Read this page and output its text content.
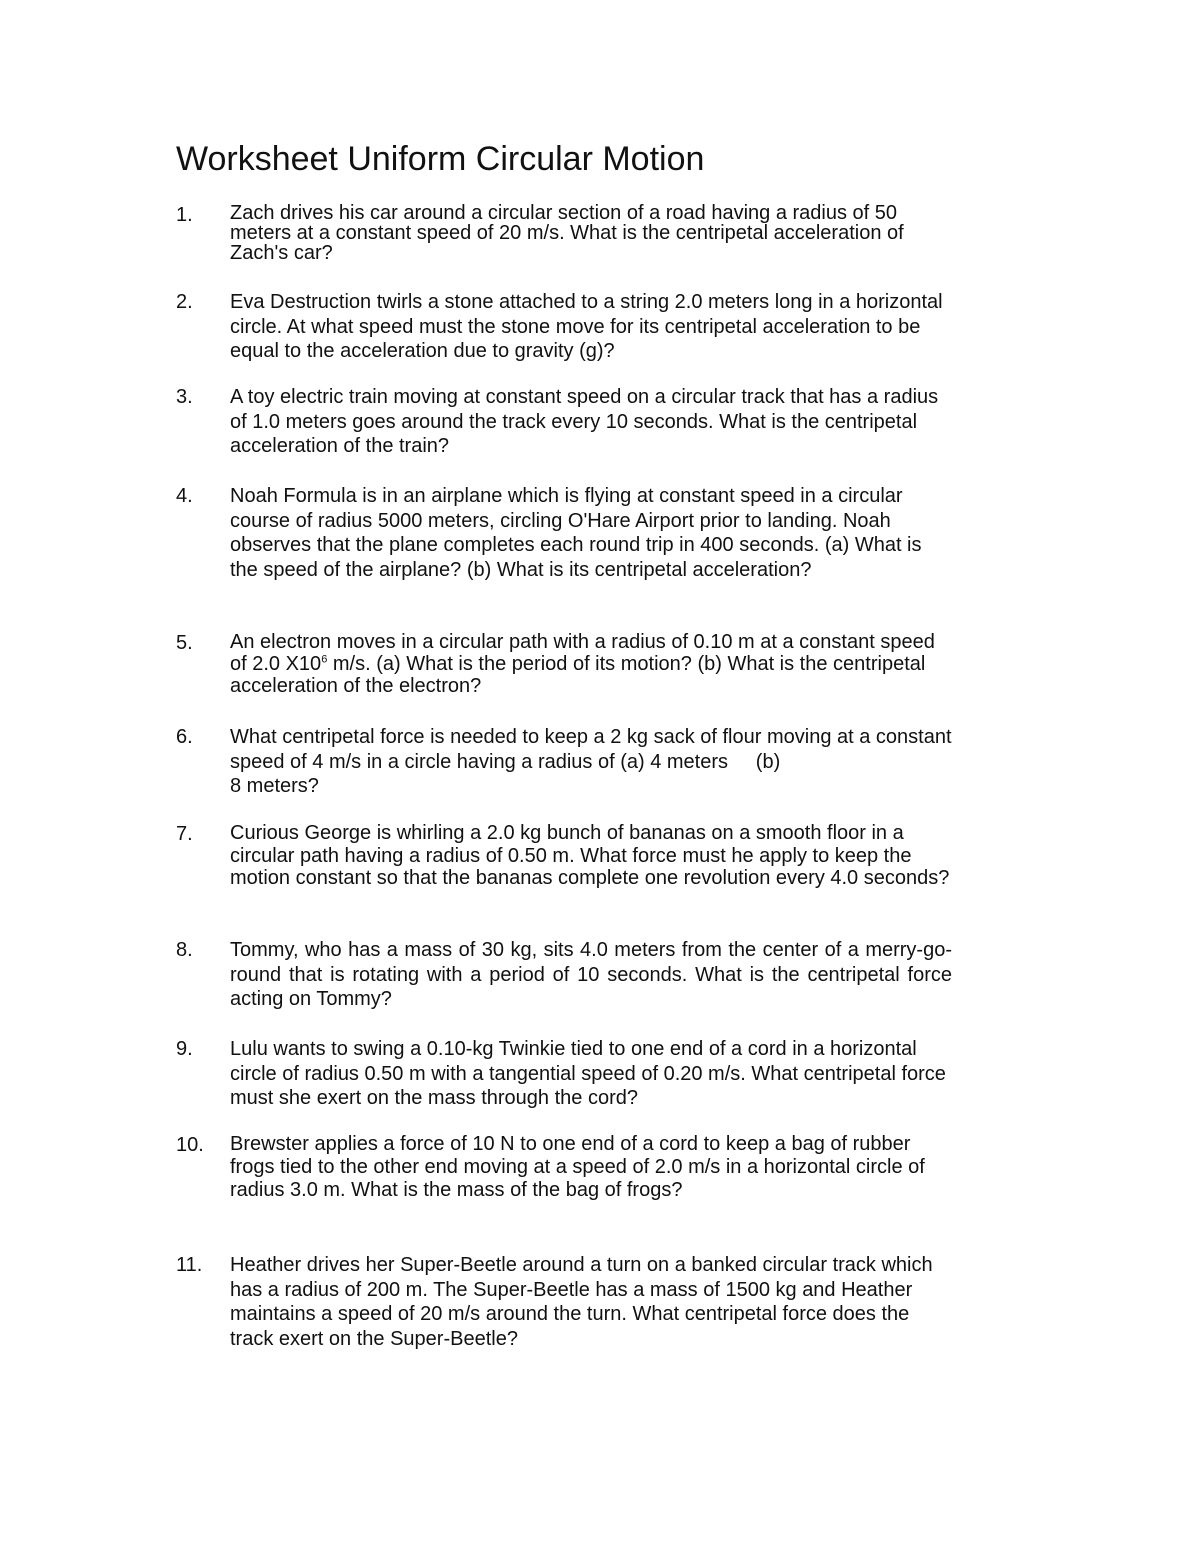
Worksheet Uniform Circular Motion
1. Zach drives his car around a circular section of a road having a radius of 50 meters at a constant speed of 20 m/s. What is the centripetal acceleration of Zach's car?
2. Eva Destruction twirls a stone attached to a string 2.0 meters long in a horizontal circle. At what speed must the stone move for its centripetal acceleration to be equal to the acceleration due to gravity (g)?
3. A toy electric train moving at constant speed on a circular track that has a radius of 1.0 meters goes around the track every 10 seconds. What is the centripetal acceleration of the train?
4. Noah Formula is in an airplane which is flying at constant speed in a circular course of radius 5000 meters, circling O'Hare Airport prior to landing. Noah observes that the plane completes each round trip in 400 seconds. (a) What is the speed of the airplane? (b) What is its centripetal acceleration?
5. An electron moves in a circular path with a radius of 0.10 m at a constant speed of 2.0 $X10^6$ m/s. (a) What is the period of its motion? (b) What is the centripetal acceleration of the electron?
6. What centripetal force is needed to keep a 2 kg sack of flour moving at a constant speed of 4 m/s in a circle having a radius of (a) 4 meters     (b)
8 meters?
7. Curious George is whirling a 2.0 kg bunch of bananas on a smooth floor in a circular path having a radius of 0.50 m. What force must he apply to keep the motion constant so that the bananas complete one revolution every 4.0 seconds?
8. Tommy, who has a mass of 30 kg, sits 4.0 meters from the center of a merry-go-round that is rotating with a period of 10 seconds. What is the centripetal force acting on Tommy?
9. Lulu wants to swing a 0.10-kg Twinkie tied to one end of a cord in a horizontal circle of radius 0.50 m with a tangential speed of 0.20 m/s. What centripetal force must she exert on the mass through the cord?
10. Brewster applies a force of 10 N to one end of a cord to keep a bag of rubber frogs tied to the other end moving at a speed of 2.0 m/s in a horizontal circle of radius 3.0 m. What is the mass of the bag of frogs?
11. Heather drives her Super-Beetle around a turn on a banked circular track which has a radius of 200 m. The Super-Beetle has a mass of 1500 kg and Heather maintains a speed of 20 m/s around the turn. What centripetal force does the track exert on the Super-Beetle?
